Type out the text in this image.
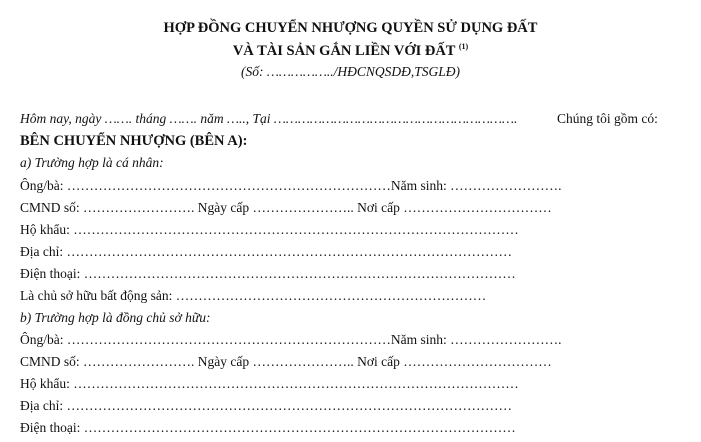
HỢP ĐỒNG CHUYỂN NHƯỢNG QUYỀN SỬ DỤNG ĐẤT
VÀ TÀI SẢN GẮN LIỀN VỚI ĐẤT $^{(1)}$
(Số: ……………../HĐCNQSDĐ,TSGLĐ)
Hôm nay, ngày ……. tháng ……. năm ….., Tại …………………………………………………….	Chúng tôi gồm có:
BÊN CHUYỂN NHƯỢNG (BÊN A):
a) Trường hợp là cá nhân:
Ông/bà: ………………………………………………………………Năm sinh: …………………….
CMND số: ……………………. Ngày cấp ………………….. Nơi cấp ……………………………
Hộ khẩu: ………………………………………………………………………………………
Địa chỉ: ………………………………………………………………………………………
Điện thoại: ……………………………………………………………………………………
Là chủ sở hữu bất động sản: ……………………………………………………………
b) Trường hợp là đồng chủ sở hữu:
Ông/bà: ………………………………………………………………Năm sinh: …………………….
CMND số: ……………………. Ngày cấp ………………….. Nơi cấp ……………………………
Hộ khẩu: ………………………………………………………………………………………
Địa chỉ: ………………………………………………………………………………………
Điện thoại: ……………………………………………………………………………………
